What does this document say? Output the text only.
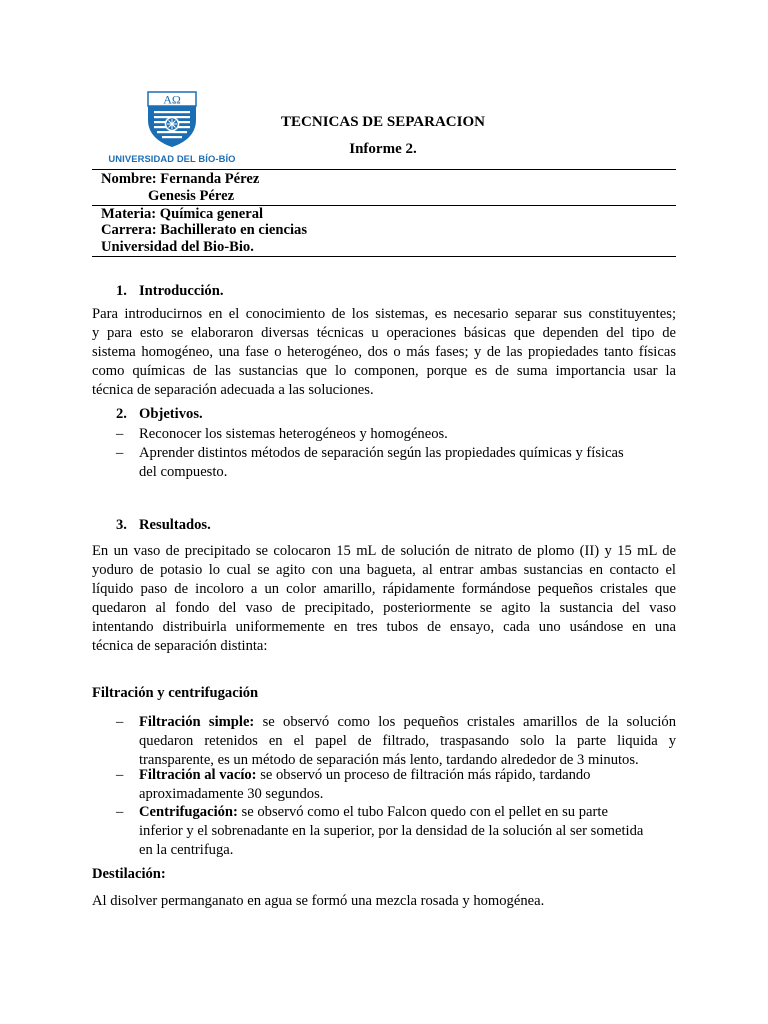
AΩ
UNIVERSIDAD DEL BÍO-BÍO
TECNICAS DE SEPARACION
Informe 2.
Nombre: Fernanda Pérez
Genesis Pérez
Materia: Química general
Carrera: Bachillerato en ciencias
Universidad del Bio-Bio.
1. Introducción.
Para introducirnos en el conocimiento de los sistemas, es necesario separar sus constituyentes;
y para esto se elaboraron diversas técnicas u operaciones básicas que dependen del tipo de
sistema homogéneo, una fase o heterogéneo, dos o más fases; y de las propiedades tanto físicas
como químicas de las sustancias que lo componen, porque es de suma importancia usar la
técnica de separación adecuada a las soluciones.
2. Objetivos.
– Reconocer los sistemas heterogéneos y homogéneos.
– Aprender distintos métodos de separación según las propiedades químicas y físicas
del compuesto.
3. Resultados.
En un vaso de precipitado se colocaron 15 mL de solución de nitrato de plomo (II) y 15 mL de
yoduro de potasio lo cual se agito con una bagueta, al entrar ambas sustancias en contacto el
líquido paso de incoloro a un color amarillo, rápidamente formándose pequeños cristales que
quedaron al fondo del vaso de precipitado, posteriormente se agito la sustancia del vaso
intentando distribuirla uniformemente en tres tubos de ensayo, cada uno usándose en una
técnica de separación distinta:
Filtración y centrifugación
– Filtración simple: se observó como los pequeños cristales amarillos de la solución
quedaron retenidos en el papel de filtrado, traspasando solo la parte liquida y
transparente, es un método de separación más lento, tardando alrededor de 3 minutos.
– Filtración al vacío: se observó un proceso de filtración más rápido, tardando
aproximadamente 30 segundos.
– Centrifugación: se observó como el tubo Falcon quedo con el pellet en su parte
inferior y el sobrenadante en la superior, por la densidad de la solución al ser sometida
en la centrifuga.
Destilación:
Al disolver permanganato en agua se formó una mezcla rosada y homogénea.
